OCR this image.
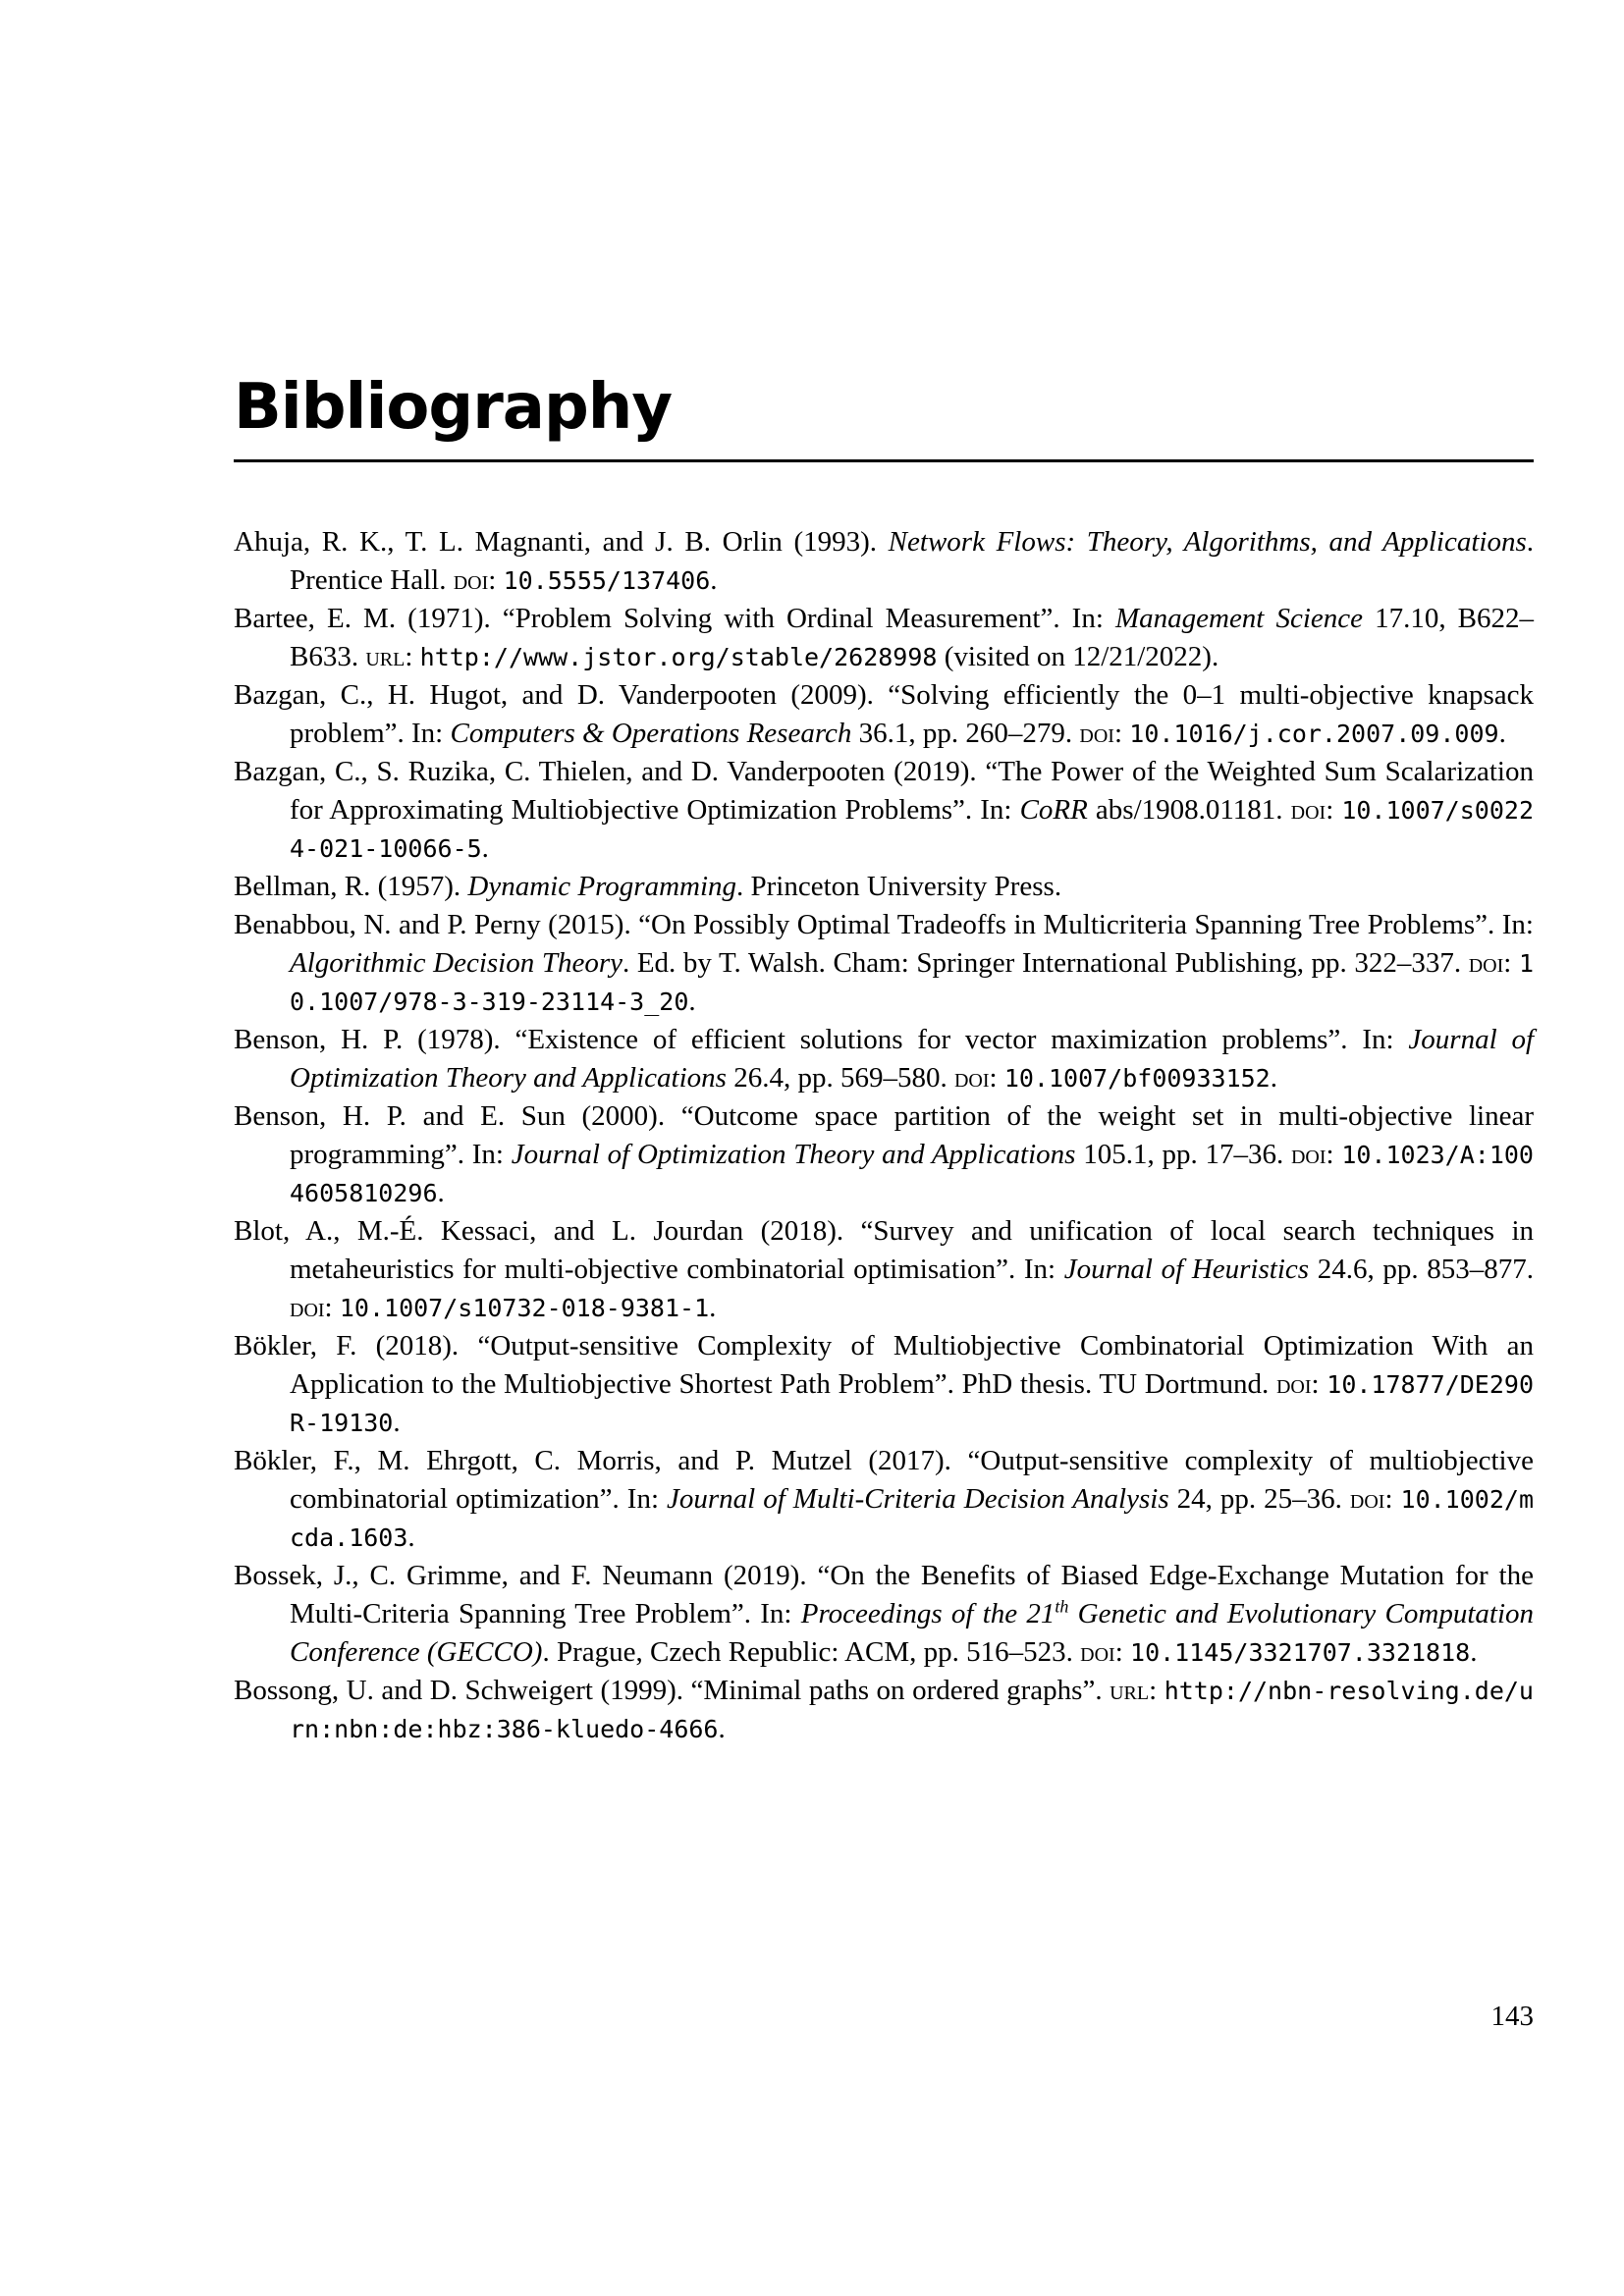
Bibliography

Ahuja, R. K., T. L. Magnanti, and J. B. Orlin (1993). Network Flows: Theory, Algorithms, and Applications. Prentice Hall. doi: 10.5555/137406.

Bartee, E. M. (1971). “Problem Solving with Ordinal Measurement”. In: Management Science 17.10, B622–B633. url: http://www.jstor.org/stable/2628998 (visited on 12/21/2022).

Bazgan, C., H. Hugot, and D. Vanderpooten (2009). “Solving efficiently the 0–1 multi-objective knapsack problem”. In: Computers & Operations Research 36.1, pp. 260–279. doi: 10.1016/j.cor.2007.09.009.

Bazgan, C., S. Ruzika, C. Thielen, and D. Vanderpooten (2019). “The Power of the Weighted Sum Scalarization for Approximating Multiobjective Optimization Problems”. In: CoRR abs/1908.01181. doi: 10.1007/s00224-021-10066-5.

Bellman, R. (1957). Dynamic Programming. Princeton University Press.

Benabbou, N. and P. Perny (2015). “On Possibly Optimal Tradeoffs in Multicriteria Spanning Tree Problems”. In: Algorithmic Decision Theory. Ed. by T. Walsh. Cham: Springer International Publishing, pp. 322–337. doi: 10.1007/978-3-319-23114-3_20.

Benson, H. P. (1978). “Existence of efficient solutions for vector maximization problems”. In: Journal of Optimization Theory and Applications 26.4, pp. 569–580. doi: 10.1007/bf00933152.

Benson, H. P. and E. Sun (2000). “Outcome space partition of the weight set in multi-objective linear programming”. In: Journal of Optimization Theory and Applications 105.1, pp. 17–36. doi: 10.1023/A:1004605810296.

Blot, A., M.-É. Kessaci, and L. Jourdan (2018). “Survey and unification of local search techniques in metaheuristics for multi-objective combinatorial optimisation”. In: Journal of Heuristics 24.6, pp. 853–877. doi: 10.1007/s10732-018-9381-1.

Bökler, F. (2018). “Output-sensitive Complexity of Multiobjective Combinatorial Optimization With an Application to the Multiobjective Shortest Path Problem”. PhD thesis. TU Dortmund. doi: 10.17877/DE290R-19130.

Bökler, F., M. Ehrgott, C. Morris, and P. Mutzel (2017). “Output-sensitive complexity of multiobjective combinatorial optimization”. In: Journal of Multi-Criteria Decision Analysis 24, pp. 25–36. doi: 10.1002/mcda.1603.

Bossek, J., C. Grimme, and F. Neumann (2019). “On the Benefits of Biased Edge-Exchange Mutation for the Multi-Criteria Spanning Tree Problem”. In: Proceedings of the 21th Genetic and Evolutionary Computation Conference (GECCO). Prague, Czech Republic: ACM, pp. 516–523. doi: 10.1145/3321707.3321818.

Bossong, U. and D. Schweigert (1999). “Minimal paths on ordered graphs”. url: http://nbn-resolving.de/urn:nbn:de:hbz:386-kluedo-4666.

143
